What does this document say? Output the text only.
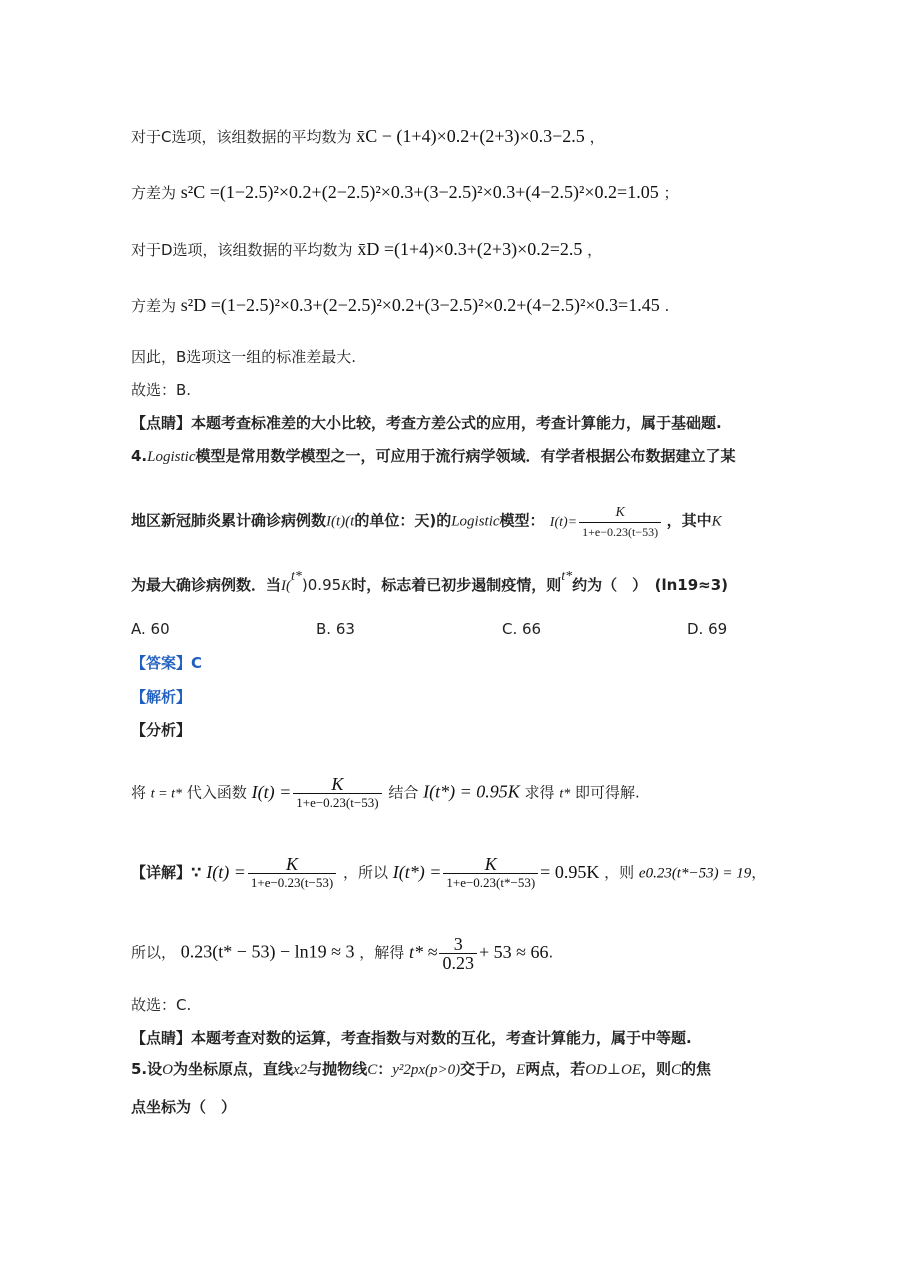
对于C选项，该组数据的平均数为 x̄C − (1+4)×0.2+(2+3)×0.3−2.5 ，
方差为 s²C =(1−2.5)²×0.2+(2−2.5)²×0.3+(3−2.5)²×0.3+(4−2.5)²×0.2=1.05 ；
对于D选项，该组数据的平均数为 x̄D =(1+4)×0.3+(2+3)×0.2=2.5 ，
方差为 s²D =(1−2.5)²×0.3+(2−2.5)²×0.2+(3−2.5)²×0.2+(4−2.5)²×0.3=1.45 .
因此，B选项这一组的标准差最大.
故选：B.
【点睛】本题考查标准差的大小比较，考查方差公式的应用，考查计算能力，属于基础题.
4.Logistic模型是常用数学模型之一，可应用于流行病学领域．有学者根据公布数据建立了某
地区新冠肺炎累计确诊病例数I(t)(t的单位：天)的Logistic模型： $I(t)= \frac{K}{1+e-0.23(t-53)}$ ，其中K
为最大确诊病例数．当I(t*)0.95K时，标志着已初步遏制疫情，则t*约为（　）　(ln19≈3)
A. 60	B. 63	C. 66	D. 69
【答案】C
【解析】
【分析】
将 t = t* 代入函数 $I(t) = \frac{K}{1+e-0.23(t-53)}$ 结合 I(t*) = 0.95K 求得 t* 即可得解.
【详解】∵ $I(t) = \frac{K}{1+e-0.23(t-53)}$ ，所以 $I(t*) = \frac{K}{1+e-0.23(t*-53)} = 0.95K$ ，则 e0.23(t*−53) = 19，
所以， 0.23(t* − 53) − ln19 ≈ 3 ，解得 $t* \approx \frac{3}{0.23} + 53 \approx 66$.
故选：C.
【点睛】本题考查对数的运算，考查指数与对数的互化，考查计算能力，属于中等题.
5.设O为坐标原点，直线x2与抛物线C：y²2px(p>0)交于D，E两点，若OD⊥OE，则C的焦
点坐标为（　）
